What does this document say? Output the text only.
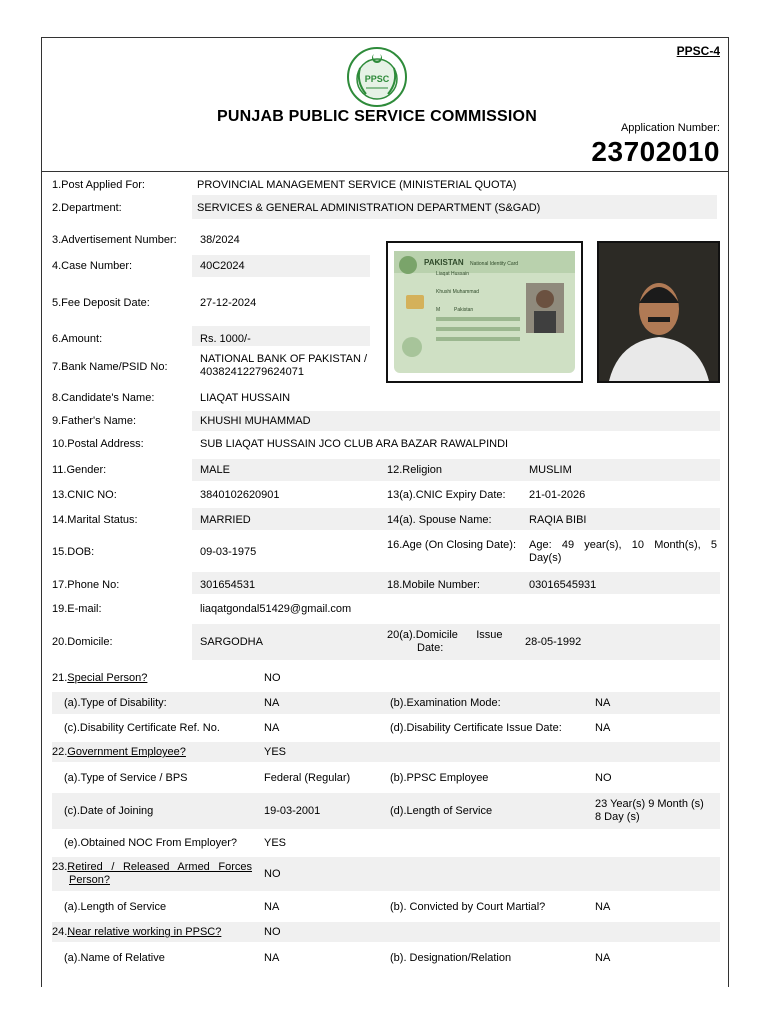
PPSC-4
PPSC
PUNJAB PUBLIC SERVICE COMMISSION
Application Number:
23702010
1.Post Applied For:	PROVINCIAL MANAGEMENT SERVICE (MINISTERIAL QUOTA)
2.Department:	SERVICES & GENERAL ADMINISTRATION DEPARTMENT (S&GAD)
3.Advertisement Number: 38/2024
4.Case Number:	40C2024
5.Fee Deposit Date:	27-12-2024
6.Amount:	Rs. 1000/-
7.Bank Name/PSID No:
NATIONAL BANK OF PAKISTAN /
40382412279624071
8.Candidate's Name:	LIAQAT HUSSAIN
9.Father's Name:	KHUSHI MUHAMMAD
10.Postal Address:	SUB LIAQAT HUSSAIN JCO CLUB ARA BAZAR RAWALPINDI
PAKISTAN National Identity Card
Liaqat Hussain
Khushi Muhammad
M	Pakistan
11.Gender:	MALE	12.Religion	MUSLIM
13.CNIC NO:	3840102620901	13(a).CNIC Expiry Date: 21-01-2026
14.Marital Status:	MARRIED	14(a). Spouse Name:	RAQIA BIBI
15.DOB:	09-03-1975
16.Age (On Closing Date): Age: 49 year(s), 10 Month(s), 5
Day(s)
17.Phone No:	301654531	18.Mobile Number:	03016545931
19.E-mail:	liaqatgondal51429@gmail.com
20.Domicile:	SARGODHA
20(a).Domicile      Issue
Date:	28-05-1992
21.Special Person?	NO
(a).Type of Disability:	NA	(b).Examination Mode:	NA
(c).Disability Certificate Ref. No.	NA	(d).Disability Certificate Issue Date:	NA
22.Government Employee?	YES
(a).Type of Service / BPS	Federal (Regular)	(b).PPSC Employee	NO
(c).Date of Joining	19-03-2001	(d).Length of Service
23 Year(s) 9 Month (s)
8 Day (s)
(e).Obtained NOC From Employer? YES
23. Retired  /  Released  Armed  Forces
Person?	NO
(a).Length of Service	NA	(b). Convicted by Court Martial?	NA
24.Near relative working in PPSC?	NO
(a).Name of Relative	NA	(b). Designation/Relation	NA
